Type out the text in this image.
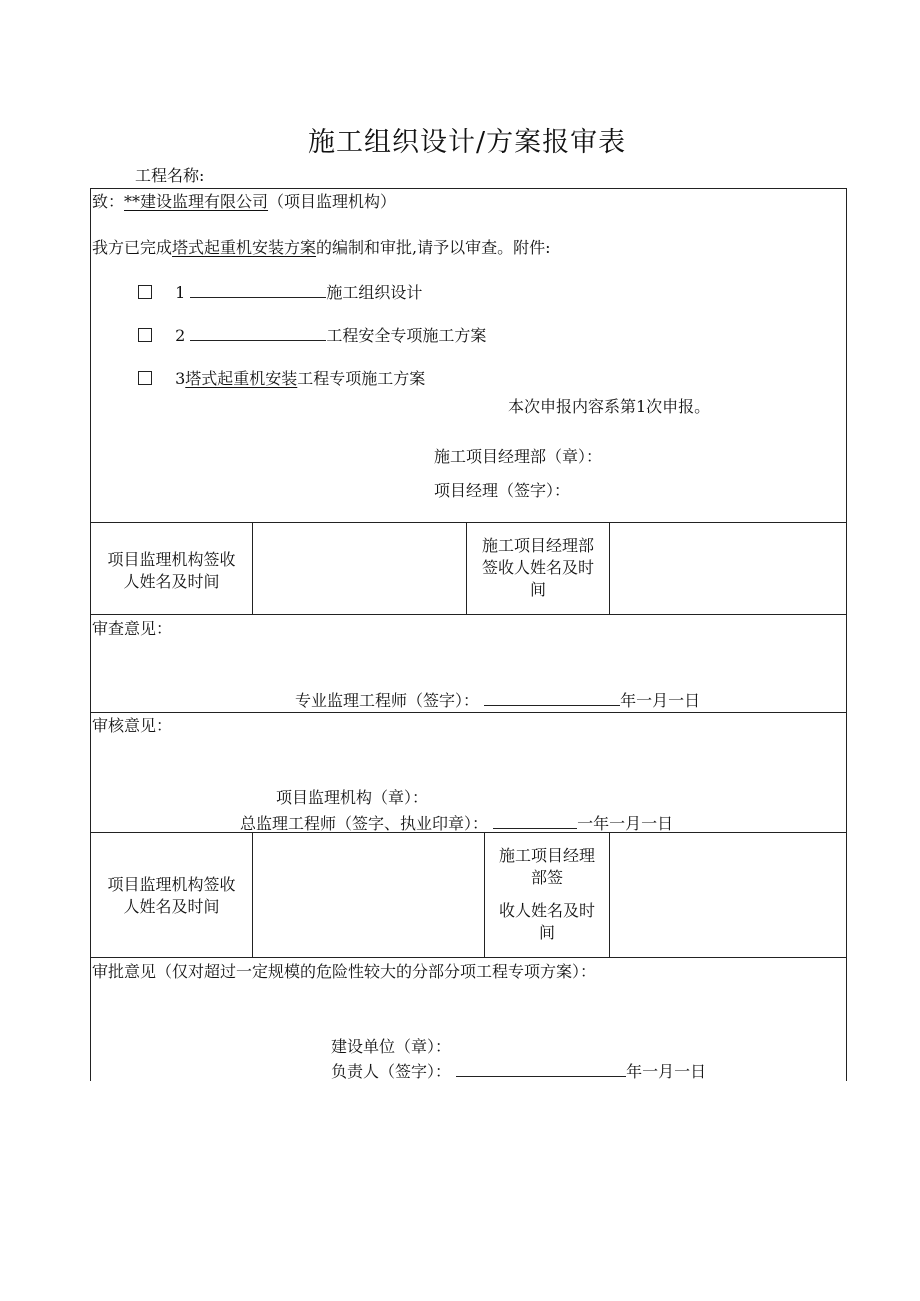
施工组织设计/方案报审表
工程名称:
致：**建设监理有限公司（项目监理机构）
我方已完成塔式起重机安装方案的编制和审批,请予以审查。附件:
1	施工组织设计
2	工程安全专项施工方案
3塔式起重机安装工程专项施工方案
本次申报内容系第1次申报。
施工项目经理部（章）：
项目经理（签字）：
项目监理机构签收
人姓名及时间
施工项目经理部
签收人姓名及时
间
审查意见：
专业监理工程师（签字）：	年一月一日
审核意见：
项目监理机构（章）：
总监理工程师（签字、执业印章）：	一年一月一日
项目监理机构签收
人姓名及时间
施工项目经理
部签
收人姓名及时
间
审批意见（仅对超过一定规模的危险性较大的分部分项工程专项方案）：
建设单位（章）：
负责人（签字）：	年一月一日
